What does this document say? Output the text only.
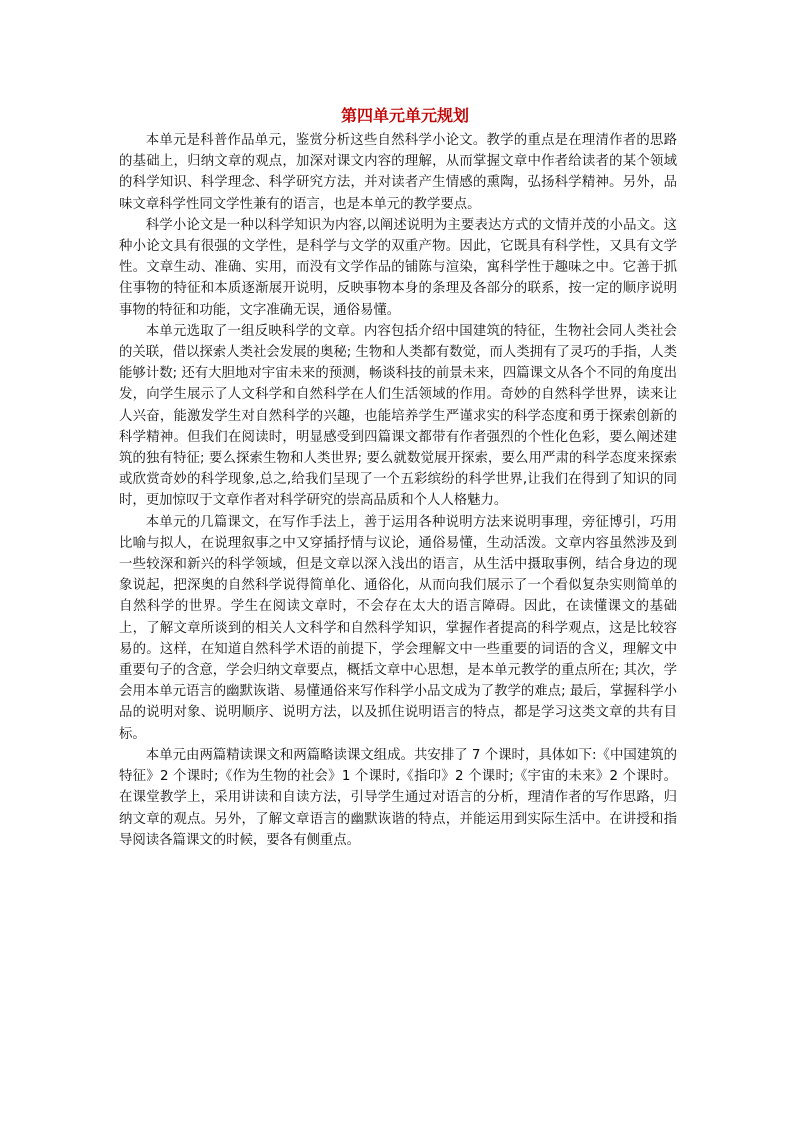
第四单元单元规划

本单元是科普作品单元，鉴赏分析这些自然科学小论文。教学的重点是在理清作者的思路的基础上，归纳文章的观点，加深对课文内容的理解，从而掌握文章中作者给读者的某个领域的科学知识、科学理念、科学研究方法，并对读者产生情感的熏陶，弘扬科学精神。另外，品味文章科学性同文学性兼有的语言，也是本单元的教学要点。

科学小论文是一种以科学知识为内容,以阐述说明为主要表达方式的文情并茂的小品文。这种小论文具有很强的文学性，是科学与文学的双重产物。因此，它既具有科学性，又具有文学性。文章生动、准确、实用，而没有文学作品的铺陈与渲染，寓科学性于趣味之中。它善于抓住事物的特征和本质逐渐展开说明，反映事物本身的条理及各部分的联系，按一定的顺序说明事物的特征和功能，文字准确无误，通俗易懂。

本单元选取了一组反映科学的文章。内容包括介绍中国建筑的特征，生物社会同人类社会的关联，借以探索人类社会发展的奥秘; 生物和人类都有数觉，而人类拥有了灵巧的手指，人类能够计数; 还有大胆地对宇宙未来的预测，畅谈科技的前景未来，四篇课文从各个不同的角度出发，向学生展示了人文科学和自然科学在人们生活领域的作用。奇妙的自然科学世界，读来让人兴奋，能激发学生对自然科学的兴趣，也能培养学生严谨求实的科学态度和勇于探索创新的科学精神。但我们在阅读时，明显感受到四篇课文都带有作者强烈的个性化色彩，要么阐述建筑的独有特征; 要么探索生物和人类世界; 要么就数觉展开探索，要么用严肃的科学态度来探索或欣赏奇妙的科学现象,总之,给我们呈现了一个五彩缤纷的科学世界,让我们在得到了知识的同时，更加惊叹于文章作者对科学研究的崇高品质和个人人格魅力。

本单元的几篇课文，在写作手法上，善于运用各种说明方法来说明事理，旁征博引，巧用比喻与拟人，在说理叙事之中又穿插抒情与议论，通俗易懂，生动活泼。文章内容虽然涉及到一些较深和新兴的科学领域，但是文章以深入浅出的语言，从生活中摄取事例，结合身边的现象说起，把深奥的自然科学说得简单化、通俗化，从而向我们展示了一个看似复杂实则简单的自然科学的世界。学生在阅读文章时，不会存在太大的语言障碍。因此，在读懂课文的基础上，了解文章所谈到的相关人文科学和自然科学知识，掌握作者提高的科学观点，这是比较容易的。这样，在知道自然科学术语的前提下，学会理解文中一些重要的词语的含义，理解文中重要句子的含意，学会归纳文章要点，概括文章中心思想，是本单元教学的重点所在; 其次，学会用本单元语言的幽默诙谐、易懂通俗来写作科学小品文成为了教学的难点; 最后，掌握科学小品的说明对象、说明顺序、说明方法，以及抓住说明语言的特点，都是学习这类文章的共有目标。

本单元由两篇精读课文和两篇略读课文组成。共安排了 7 个课时，具体如下:《中国建筑的特征》2 个课时;《作为生物的社会》1 个课时,《指印》2 个课时;《宇宙的未来》2 个课时。在课堂教学上，采用讲读和自读方法，引导学生通过对语言的分析，理清作者的写作思路，归纳文章的观点。另外，了解文章语言的幽默诙谐的特点，并能运用到实际生活中。在讲授和指导阅读各篇课文的时候，要各有侧重点。
